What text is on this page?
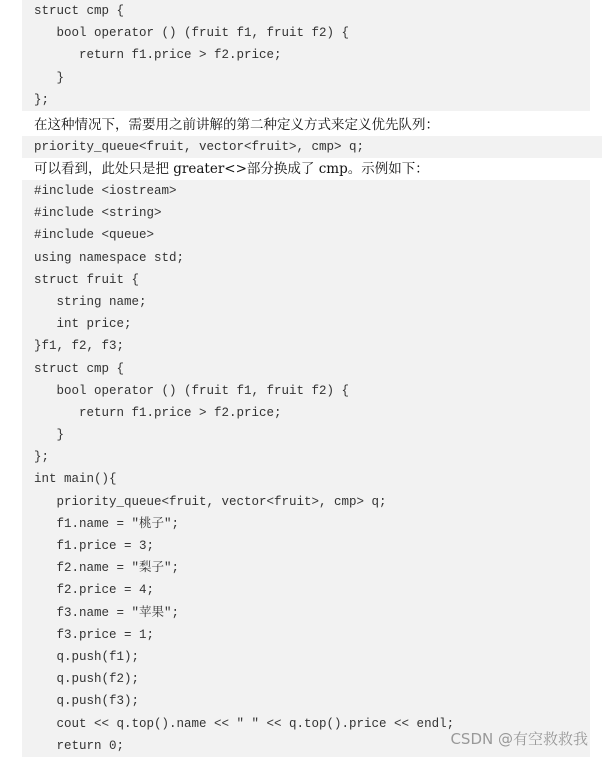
struct cmp {
bool operator () (fruit f1, fruit f2) {
return f1.price > f2.price;
}
};
在这种情况下，需要用之前讲解的第二种定义方式来定义优先队列：
priority_queue<fruit, vector<fruit>, cmp> q;
可以看到，此处只是把 greater<>部分换成了 cmp。示例如下：
#include <iostream>
#include <string>
#include <queue>
using namespace std;
struct fruit {
string name;
int price;
}f1, f2, f3;
struct cmp {
bool operator () (fruit f1, fruit f2) {
return f1.price > f2.price;
}
};
int main(){
priority_queue<fruit, vector<fruit>, cmp> q;
f1.name = "桃子";
f1.price = 3;
f2.name = "梨子";
f2.price = 4;
f3.name = "苹果";
f3.price = 1;
q.push(f1);
q.push(f2);
q.push(f3);
cout << q.top().name << " " << q.top().price << endl;
return 0;	CSDN @有空救救我
